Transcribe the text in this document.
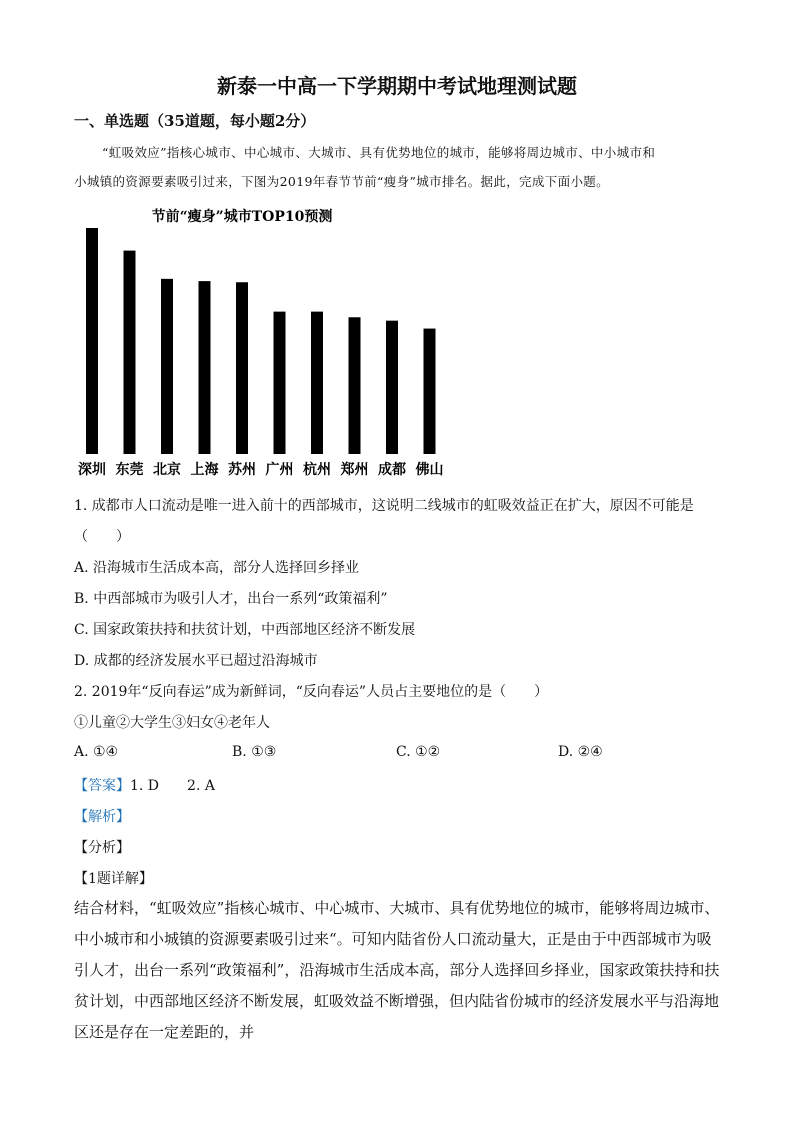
新泰一中高一下学期期中考试地理测试题
一、单选题（35道题，每小题2分）
“虹吸效应”指核心城市、中心城市、大城市、具有优势地位的城市，能够将周边城市、中小城市和
小城镇的资源要素吸引过来，下图为2019年春节节前“瘦身”城市排名。据此，完成下面小题。
节前“瘦身”城市TOP10预测
深圳 东莞 北京 上海 苏州 广州 杭州 郑州 成都 佛山
1. 成都市人口流动是唯一进入前十的西部城市，这说明二线城市的虹吸效益正在扩大，原因不可能是
（　　）
A. 沿海城市生活成本高，部分人选择回乡择业
B. 中西部城市为吸引人才，出台一系列“政策福利”
C. 国家政策扶持和扶贫计划，中西部地区经济不断发展
D. 成都的经济发展水平已超过沿海城市
2. 2019年“反向春运”成为新鲜词，“反向春运”人员占主要地位的是（　　）
①儿童②大学生③妇女④老年人
A. ①④	B. ①③	C. ①②	D. ②④
【答案】1. D　　2. A
【解析】
【分析】
【1题详解】
结合材料，“虹吸效应”指核心城市、中心城市、大城市、具有优势地位的城市，能够将周边城市、中小城市和小城镇的资源要素吸引过来“。可知内陆省份人口流动量大，正是由于中西部城市为吸引人才，出台一系列“政策福利”，沿海城市生活成本高，部分人选择回乡择业，国家政策扶持和扶贫计划，中西部地区经济不断发展，虹吸效益不断增强，但内陆省份城市的经济发展水平与沿海地区还是存在一定差距的，并
